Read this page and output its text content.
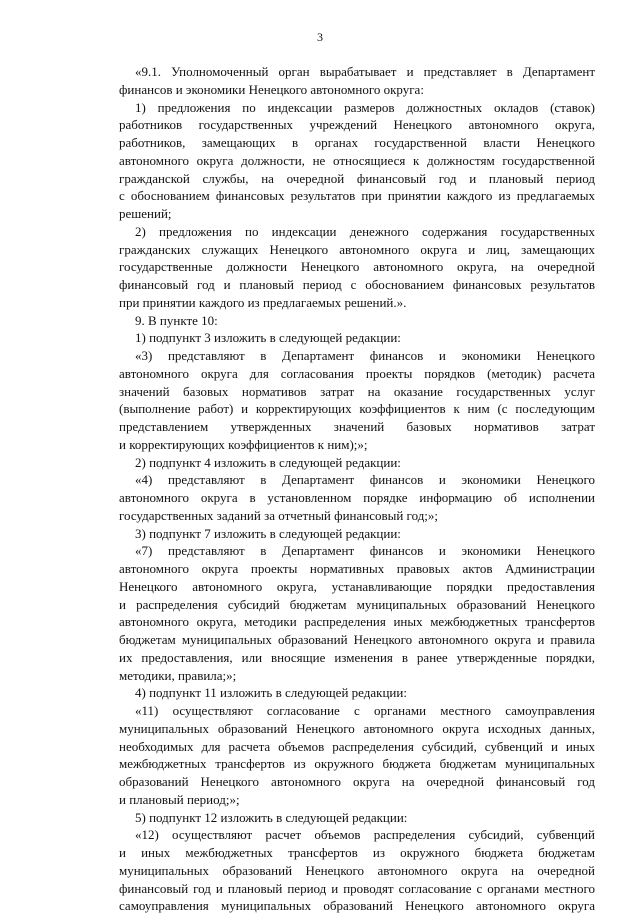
3
«9.1. Уполномоченный орган вырабатывает и представляет в Департамент
финансов и экономики Ненецкого автономного округа:
1) предложения по индексации размеров должностных окладов (ставок)
работников государственных учреждений Ненецкого автономного округа,
работников, замещающих в органах государственной власти Ненецкого
автономного округа должности, не относящиеся к должностям государственной
гражданской службы, на очередной финансовый год и плановый период
с обоснованием финансовых результатов при принятии каждого из предлагаемых
решений;
2) предложения по индексации денежного содержания государственных
гражданских служащих Ненецкого автономного округа и лиц, замещающих
государственные должности Ненецкого автономного округа, на очередной
финансовый год и плановый период с обоснованием финансовых результатов
при принятии каждого из предлагаемых решений.».
9. В пункте 10:
1) подпункт 3 изложить в следующей редакции:
«3) представляют в Департамент финансов и экономики Ненецкого
автономного округа для согласования проекты порядков (методик) расчета
значений базовых нормативов затрат на оказание государственных услуг
(выполнение работ) и корректирующих коэффициентов к ним (с последующим
представлением утвержденных значений базовых нормативов затрат
и корректирующих коэффициентов к ним);»;
2) подпункт 4 изложить в следующей редакции:
«4) представляют в Департамент финансов и экономики Ненецкого
автономного округа в установленном порядке информацию об исполнении
государственных заданий за отчетный финансовый год;»;
3) подпункт 7 изложить в следующей редакции:
«7) представляют в Департамент финансов и экономики Ненецкого
автономного округа проекты нормативных правовых актов Администрации
Ненецкого автономного округа, устанавливающие порядки предоставления
и распределения субсидий бюджетам муниципальных образований Ненецкого
автономного округа, методики распределения иных межбюджетных трансфертов
бюджетам муниципальных образований Ненецкого автономного округа и правила
их предоставления, или вносящие изменения в ранее утвержденные порядки,
методики, правила;»;
4) подпункт 11 изложить в следующей редакции:
«11) осуществляют согласование с органами местного самоуправления
муниципальных образований Ненецкого автономного округа исходных данных,
необходимых для расчета объемов распределения субсидий, субвенций и иных
межбюджетных трансфертов из окружного бюджета бюджетам муниципальных
образований Ненецкого автономного округа на очередной финансовый год
и плановый период;»;
5) подпункт 12 изложить в следующей редакции:
«12) осуществляют расчет объемов распределения субсидий, субвенций
и иных межбюджетных трансфертов из окружного бюджета бюджетам
муниципальных образований Ненецкого автономного округа на очередной
финансовый год и плановый период и проводят согласование с органами местного
самоуправления муниципальных образований Ненецкого автономного округа
